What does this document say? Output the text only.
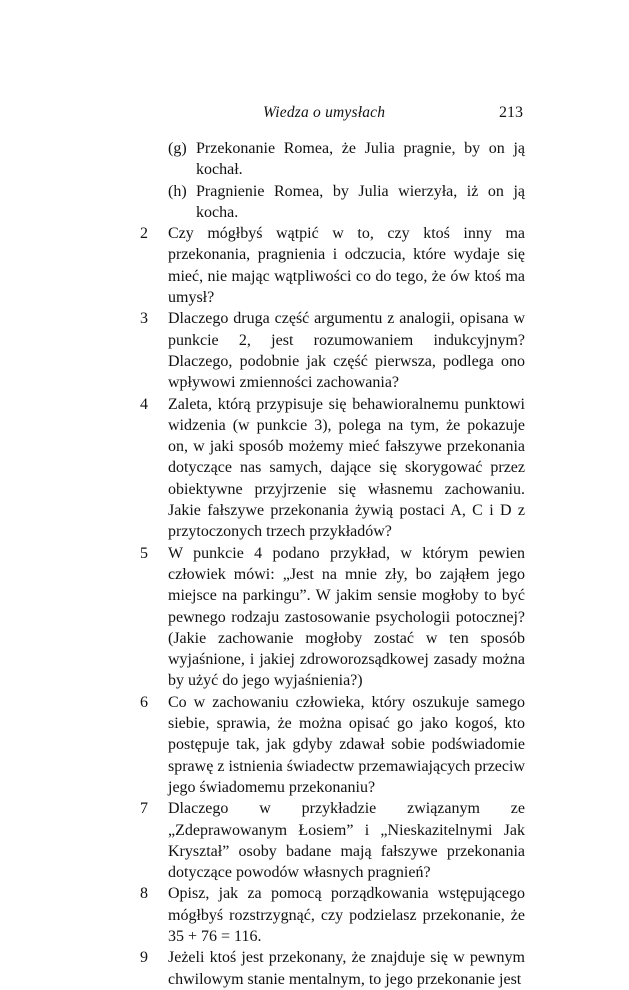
Wiedza o umysłach	213
(g) Przekonanie Romea, że Julia pragnie, by on ją kochał.
(h) Pragnienie Romea, by Julia wierzyła, iż on ją kocha.
2 Czy mógłbyś wątpić w to, czy ktoś inny ma przekonania, pragnienia i odczucia, które wydaje się mieć, nie mając wątpliwości co do tego, że ów ktoś ma umysł?
3 Dlaczego druga część argumentu z analogii, opisana w punkcie 2, jest rozumowaniem indukcyjnym? Dlaczego, podobnie jak część pierwsza, podlega ono wpływowi zmienności zachowania?
4 Zaleta, którą przypisuje się behawioralnemu punktowi widzenia (w punkcie 3), polega na tym, że pokazuje on, w jaki sposób możemy mieć fałszywe przekonania dotyczące nas samych, dające się skorygować przez obiektywne przyjrzenie się własnemu zachowaniu. Jakie fałszywe przekonania żywią postaci A, C i D z przytoczonych trzech przykładów?
5 W punkcie 4 podano przykład, w którym pewien człowiek mówi: „Jest na mnie zły, bo zająłem jego miejsce na parkingu”. W jakim sensie mogłoby to być pewnego rodzaju zastosowanie psychologii potocznej? (Jakie zachowanie mogłoby zostać w ten sposób wyjaśnione, i jakiej zdroworozsądkowej zasady można by użyć do jego wyjaśnienia?)
6 Co w zachowaniu człowieka, który oszukuje samego siebie, sprawia, że można opisać go jako kogoś, kto postępuje tak, jak gdyby zdawał sobie podświadomie sprawę z istnienia świadectw przemawiających przeciw jego świadomemu przekonaniu?
7 Dlaczego w przykładzie związanym ze „Zdeprawowanym Łosiem” i „Nieskazitelnymi Jak Kryształ” osoby badane mają fałszywe przekonania dotyczące powodów własnych pragnień?
8 Opisz, jak za pomocą porządkowania wstępującego mógłbyś rozstrzygnąć, czy podzielasz przekonanie, że 35 + 76 = 116.
9 Jeżeli ktoś jest przekonany, że znajduje się w pewnym chwilowym stanie mentalnym, to jego przekonanie jest
